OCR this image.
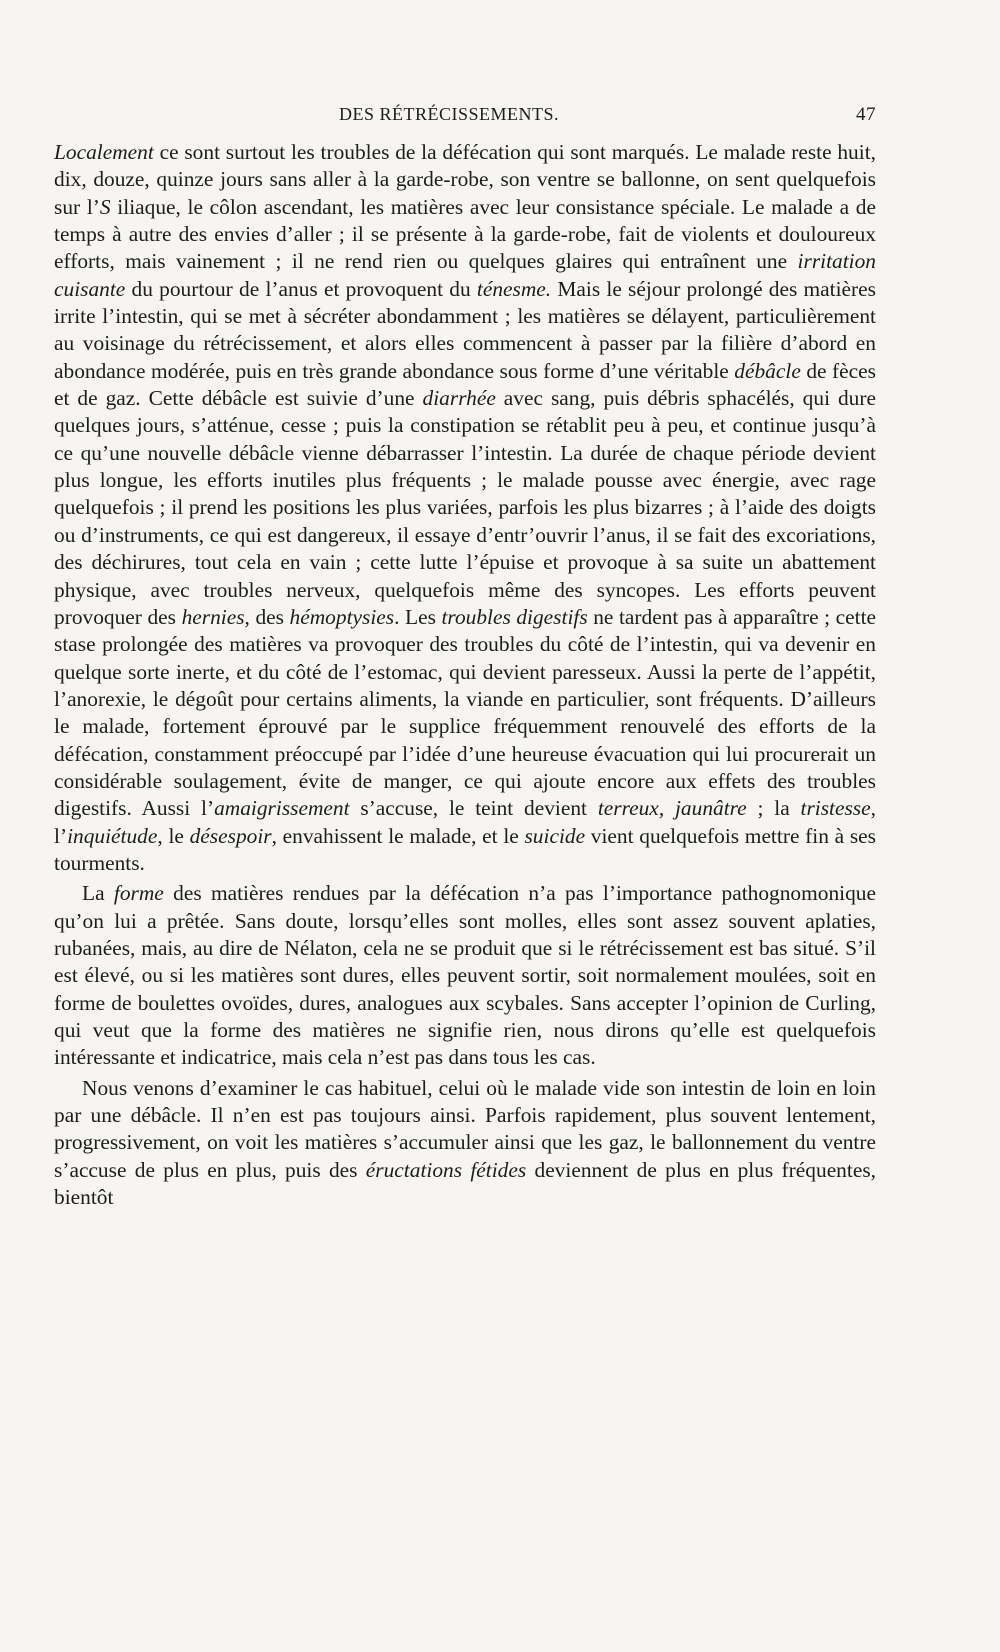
DES RÉTRÉCISSEMENTS.	47

Localement ce sont surtout les troubles de la défécation qui sont marqués. Le malade reste huit, dix, douze, quinze jours sans aller à la garde-robe, son ventre se ballonne, on sent quelquefois sur l’S iliaque, le côlon ascendant, les matières avec leur consistance spéciale. Le malade a de temps à autre des envies d’aller ; il se présente à la garde-robe, fait de violents et douloureux efforts, mais vainement ; il ne rend rien ou quelques glaires qui entraînent une irritation cuisante du pourtour de l’anus et provoquent du ténesme. Mais le séjour prolongé des matières irrite l’intestin, qui se met à sécréter abondamment ; les matières se délayent, particulièrement au voisinage du rétrécissement, et alors elles commencent à passer par la filière d’abord en abondance modérée, puis en très grande abondance sous forme d’une véritable débâcle de fèces et de gaz. Cette débâcle est suivie d’une diarrhée avec sang, puis débris sphacélés, qui dure quelques jours, s’atténue, cesse ; puis la constipation se rétablit peu à peu, et continue jusqu’à ce qu’une nouvelle débâcle vienne débarrasser l’intestin. La durée de chaque période devient plus longue, les efforts inutiles plus fréquents ; le malade pousse avec énergie, avec rage quelquefois ; il prend les positions les plus variées, parfois les plus bizarres ; à l’aide des doigts ou d’instruments, ce qui est dangereux, il essaye d’entr’ouvrir l’anus, il se fait des excoriations, des déchirures, tout cela en vain ; cette lutte l’épuise et provoque à sa suite un abattement physique, avec troubles nerveux, quelquefois même des syncopes. Les efforts peuvent provoquer des hernies, des hémoptysies. Les troubles digestifs ne tardent pas à apparaître ; cette stase prolongée des matières va provoquer des troubles du côté de l’intestin, qui va devenir en quelque sorte inerte, et du côté de l’estomac, qui devient paresseux. Aussi la perte de l’appétit, l’anorexie, le dégoût pour certains aliments, la viande en particulier, sont fréquents. D’ailleurs le malade, fortement éprouvé par le supplice fréquemment renouvelé des efforts de la défécation, constamment préoccupé par l’idée d’une heureuse évacuation qui lui procurerait un considérable soulagement, évite de manger, ce qui ajoute encore aux effets des troubles digestifs. Aussi l’amaigrissement s’accuse, le teint devient terreux, jaunâtre ; la tristesse, l’inquiétude, le désespoir, envahissent le malade, et le suicide vient quelquefois mettre fin à ses tourments.

La forme des matières rendues par la défécation n’a pas l’importance pathognomonique qu’on lui a prêtée. Sans doute, lorsqu’elles sont molles, elles sont assez souvent aplaties, rubanées, mais, au dire de Nélaton, cela ne se produit que si le rétrécissement est bas situé. S’il est élevé, ou si les matières sont dures, elles peuvent sortir, soit normalement moulées, soit en forme de boulettes ovoïdes, dures, analogues aux scybales. Sans accepter l’opinion de Curling, qui veut que la forme des matières ne signifie rien, nous dirons qu’elle est quelquefois intéressante et indicatrice, mais cela n’est pas dans tous les cas.

Nous venons d’examiner le cas habituel, celui où le malade vide son intestin de loin en loin par une débâcle. Il n’en est pas toujours ainsi. Parfois rapidement, plus souvent lentement, progressivement, on voit les matières s’accumuler ainsi que les gaz, le ballonnement du ventre s’accuse de plus en plus, puis des éructations fétides deviennent de plus en plus fréquentes, bientôt
